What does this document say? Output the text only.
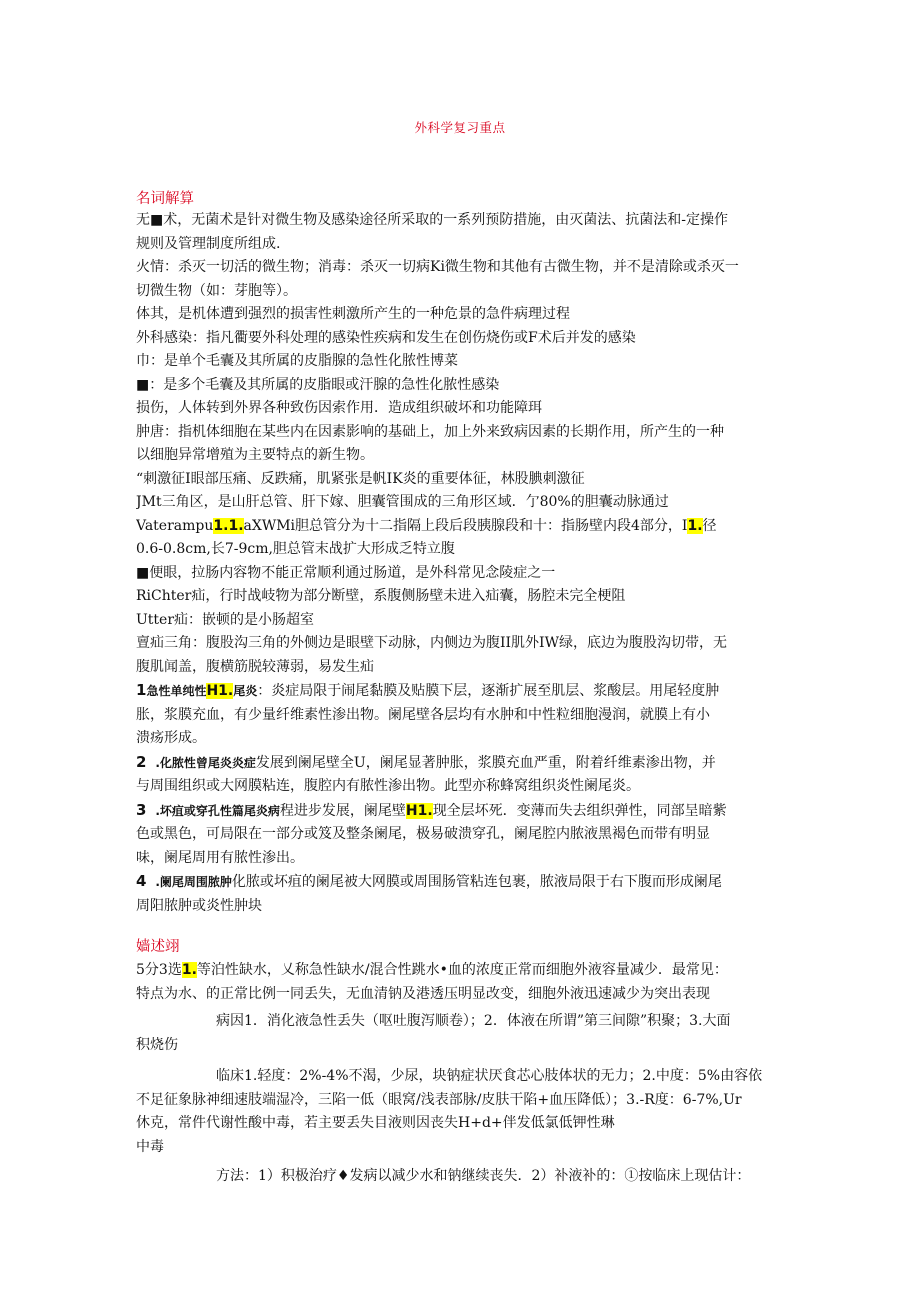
外科学复习重点
名词解算

无■术，无菌术是针对微生物及感染途径所采取的一系列预防措施，由灭菌法、抗菌法和-定操作

规则及管理制度所组成.

火情：杀灭一切活的微生物；消毒：杀灭一切病Ki微生物和其他有古微生物，并不是清除或杀灭一

切微生物（如：芽胞等）。

体其，是机体遭到强烈的损害性刺激所产生的一种危景的急件病理过程

外科感染：指凡衢要外科处理的感染性疾病和发生在创伤烧伤或F术后并发的感染

巾：是单个毛囊及其所属的皮脂腺的急性化脓性博菜

■：是多个毛囊及其所属的皮脂眼或汗腺的急性化脓性感染

损伤，人体转到外界各种致伤因索作用．造成组织破坏和功能障珥

肿唐：指机体细胞在某些内在因素影响的基础上，加上外来致病因素的长期作用，所产生的一种

以细胞异常增殖为主要特点的新生物。

“刺激征I眼部压痛、反跌痛，肌紧张是帆IK炎的重要体征，林股腆刺激征

JMt三角区，是山肝总管、肝下嫁、胆囊管围成的三角形区域．亇80%的胆囊动脉通过

Vaterampu1.1.aXWMi胆总管分为十二指隔上段后段胰腺段和十：指肠壁内段4部分，I1.径

0.6-0.8cm,长7-9cm,胆总管末战扩大形成乏特立腹

■便眼，拉肠内容物不能正常顺利通过肠道，是外科常见念陵症之一

RiChter疝，行时战岐物为部分断壁，系腹侧肠壁未进入疝囊，肠腔未完全梗阻

Utter疝：嵌顿的是小肠超室

亶疝三角：腹股沟三角的外侧边是眼壁下动脉，内侧边为腹II肌外IW绿，底边为腹股沟切带，无

腹肌闻盖，腹横筋脱较薄弱，易发生疝

1急性单纯性H1.尾炎：炎症局限于闹尾黏膜及贴膜下层，逐渐扩展至肌层、浆酸层。用尾轻度肿

胀，浆膜充血，有少量纤维素性渗出物。阑尾壁各层均有水肿和中性粒细胞漫润，就膜上有小

溃疡形成。

2 .化脓性曾尾炎炎症发展到阑尾壁全U，阑尾显著肿胀，浆膜充血严重，附着纤维素渗出物，并

与周围组织或大网膜粘连，腹腔内有脓性渗出物。此型亦称蜂窝组织炎性阑尾炎。

3 .坏疽或穿孔性篇尾炎病程进步发展，阑尾壁H1.现全层坏死．变薄而失去组织弹性，同部呈暗紫

色或黑色，可局限在一部分或笈及整条阑尾，极易破溃穿孔，阑尾腔内脓液黑褐色而带有明显

味，阑尾周用有脓性渗出。

4 .阑尾周围脓肿化脓或坏疽的阑尾被大网膜或周围肠管粘连包裹，脓液局限于右下腹而形成阑尾

周阳脓肿或炎性肿块

嫱述翊

5分3选1.等泊性缺水，乂称急性缺水/混合性跳水•血的浓度正常而细胞外液容量减少．最常见：

特点为水、的正常比例一同丢失，无血清钠及港透压明显改变，细胞外液迅速减少为突出表现

病因1．消化液急性丢失（呕吐腹泻顺卷）；2．体液在所谓”第三间隙”积聚；3.大面

积烧伤

临床1.轻度：2%-4%不渴，少尿，块钠症状厌食芯心肢体状的无力；2.中度：5%由容依

不足征象脉神细速肢端湿冷，三陷一低（眼窝/浅表部脉/皮肤干陷+血压降低）；3.-R度：6-7%,Ur

休克，常件代谢性酸中毒，若主要丢失目液则因丧失H+d+伴发低氯低钾性琳

中毒

方法：1）积极治疗♦发病以减少水和钠继续丧失．2）补液补的：①按临床上现估计：
